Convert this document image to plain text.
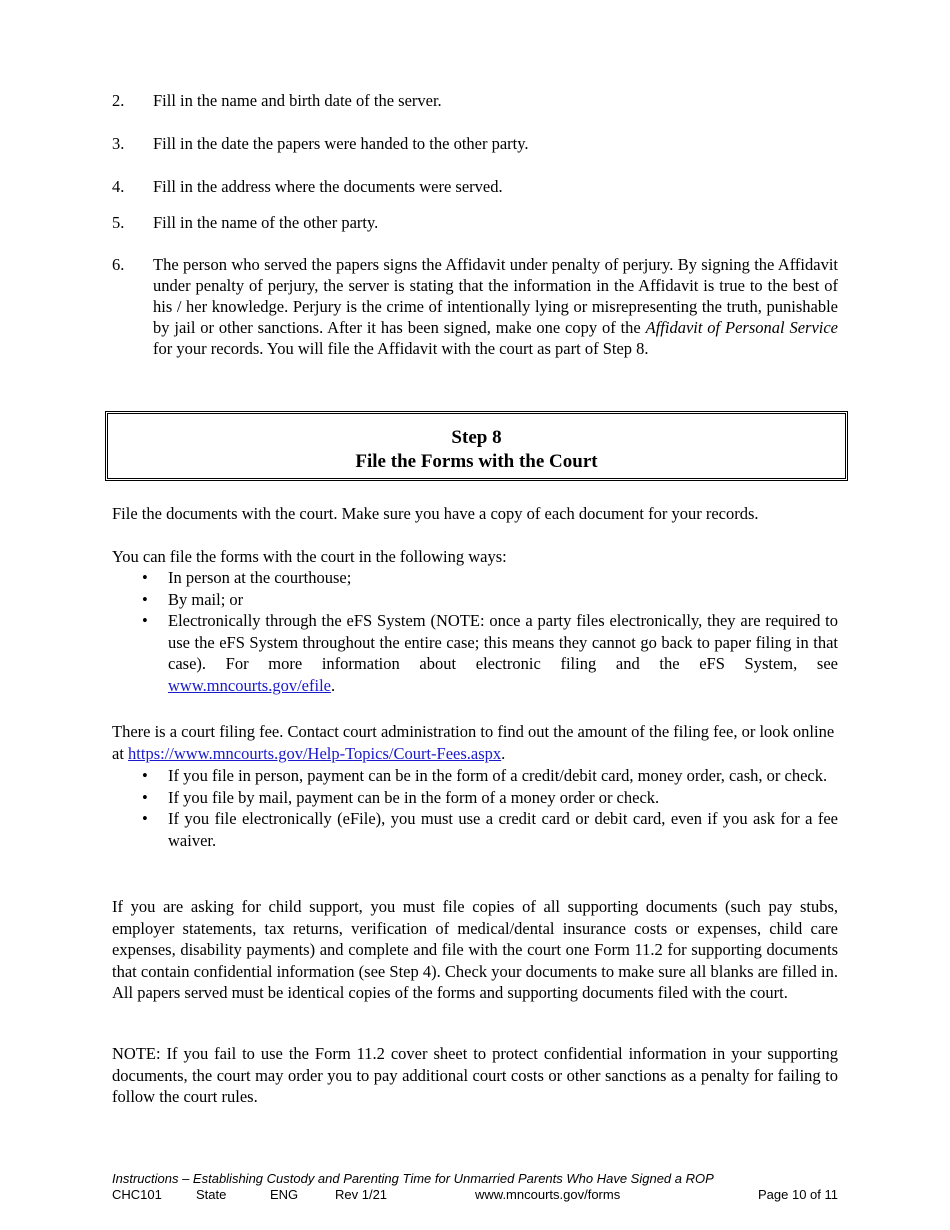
2. Fill in the name and birth date of the server.
3. Fill in the date the papers were handed to the other party.
4. Fill in the address where the documents were served.
5. Fill in the name of the other party.
6. The person who served the papers signs the Affidavit under penalty of perjury. By signing the Affidavit under penalty of perjury, the server is stating that the information in the Affidavit is true to the best of his / her knowledge. Perjury is the crime of intentionally lying or misrepresenting the truth, punishable by jail or other sanctions. After it has been signed, make one copy of the Affidavit of Personal Service for your records. You will file the Affidavit with the court as part of Step 8.
Step 8
File the Forms with the Court
File the documents with the court. Make sure you have a copy of each document for your records.
You can file the forms with the court in the following ways:
• In person at the courthouse;
• By mail; or
• Electronically through the eFS System (NOTE: once a party files electronically, they are required to use the eFS System throughout the entire case; this means they cannot go back to paper filing in that case). For more information about electronic filing and the eFS System, see www.mncourts.gov/efile.
There is a court filing fee. Contact court administration to find out the amount of the filing fee, or look online at https://www.mncourts.gov/Help-Topics/Court-Fees.aspx.
• If you file in person, payment can be in the form of a credit/debit card, money order, cash, or check.
• If you file by mail, payment can be in the form of a money order or check.
• If you file electronically (eFile), you must use a credit card or debit card, even if you ask for a fee waiver.
If you are asking for child support, you must file copies of all supporting documents (such pay stubs, employer statements, tax returns, verification of medical/dental insurance costs or expenses, child care expenses, disability payments) and complete and file with the court one Form 11.2 for supporting documents that contain confidential information (see Step 4). Check your documents to make sure all blanks are filled in. All papers served must be identical copies of the forms and supporting documents filed with the court.
NOTE: If you fail to use the Form 11.2 cover sheet to protect confidential information in your supporting documents, the court may order you to pay additional court costs or other sanctions as a penalty for failing to follow the court rules.
Instructions – Establishing Custody and Parenting Time for Unmarried Parents Who Have Signed a ROP
CHC101	State	ENG	Rev 1/21	www.mncourts.gov/forms	Page 10 of 11
